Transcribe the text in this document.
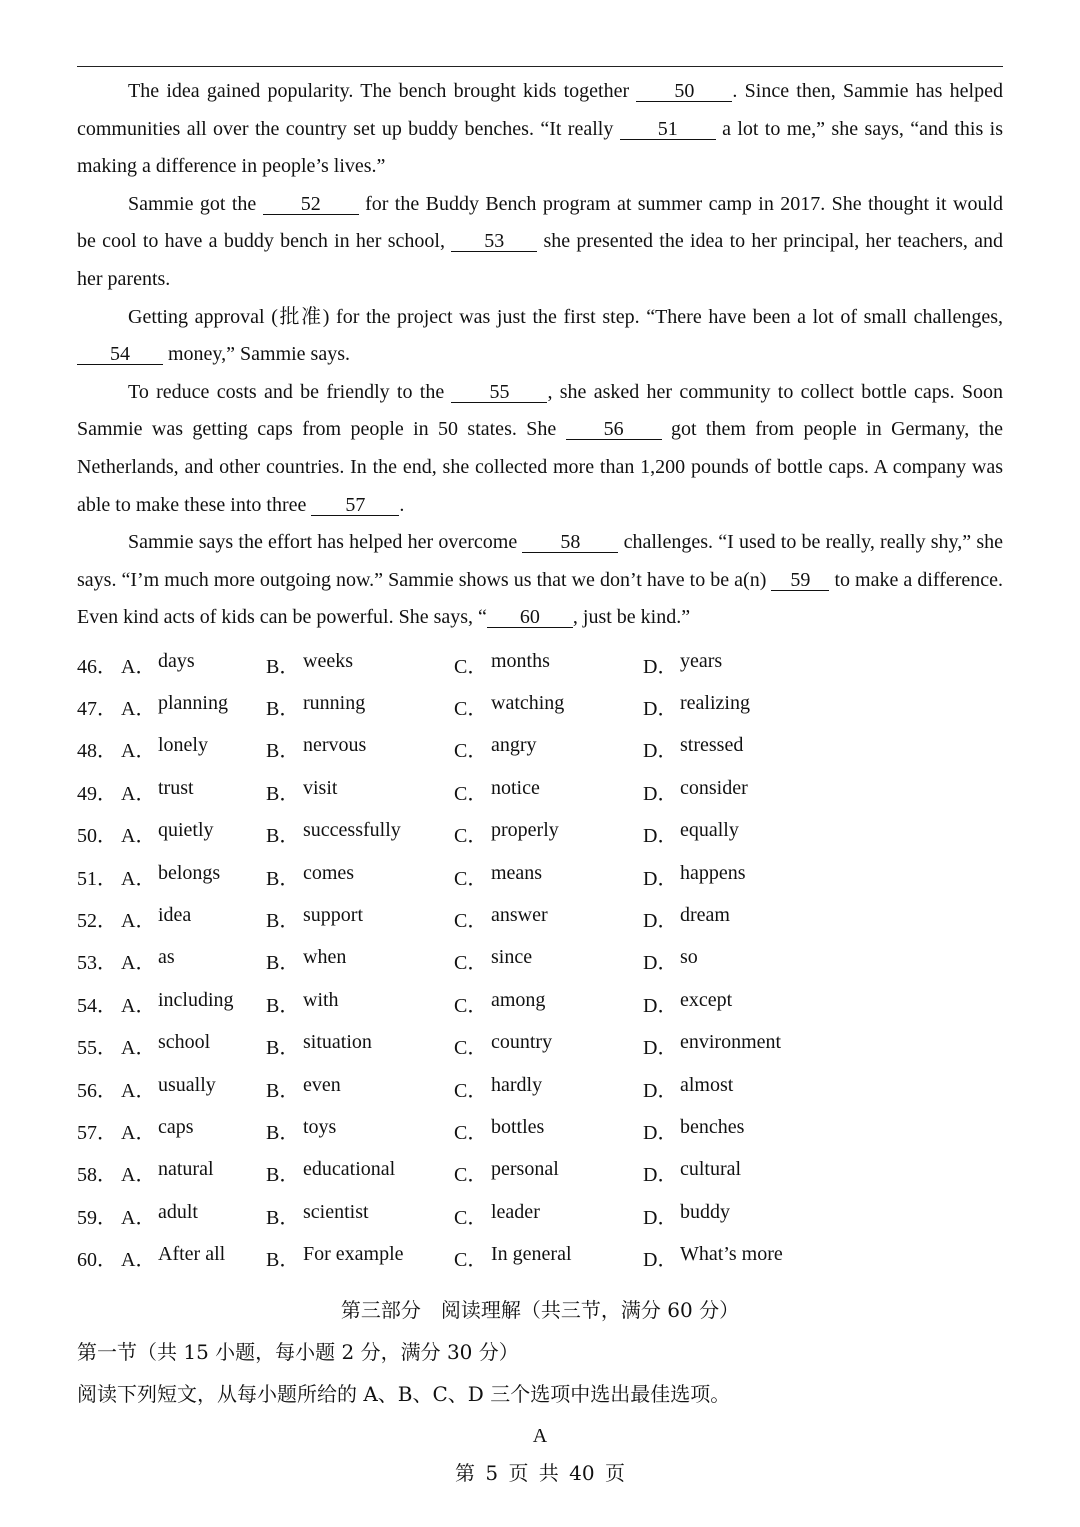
The idea gained popularity. The bench brought kids together 50 . Since then, Sammie has helped communities all over the country set up buddy benches. “It really 51 a lot to me,” she says, “and this is making a difference in people’s lives.”

Sammie got the 52 for the Buddy Bench program at summer camp in 2017. She thought it would be cool to have a buddy bench in her school, 53 she presented the idea to her principal, her teachers, and her parents.

Getting approval (批准) for the project was just the first step. “There have been a lot of small challenges, 54 money,” Sammie says.

To reduce costs and be friendly to the 55 , she asked her community to collect bottle caps. Soon Sammie was getting caps from people in 50 states. She 56 got them from people in Germany, the Netherlands, and other countries. In the end, she collected more than 1,200 pounds of bottle caps. A company was able to make these into three 57 .

Sammie says the effort has helped her overcome 58 challenges. “I used to be really, really shy,” she says. “I’m much more outgoing now.” Sammie shows us that we don’t have to be a(n) 59 to make a difference. Even kind acts of kids can be powerful. She says, “ 60 , just be kind.”

46． A． days	B． weeks	C． months	D． years
47． A． planning B． running	C． watching	D． realizing
48． A． lonely	B． nervous	C． angry	D． stressed
49． A． trust	B． visit	C． notice	D． consider
50． A． quietly	B． successfully	C． properly	D． equally
51． A． belongs B． comes	C． means	D． happens
52． A． idea	B． support	C． answer	D． dream
53． A． as	B． when	C． since	D． so
54． A． including B． with	C． among	D． except
55． A． school	B． situation	C． country	D． environment
56． A． usually	B． even	C． hardly	D． almost
57． A． caps	B． toys	C． bottles	D． benches
58． A． natural	B． educational	C． personal	D． cultural
59． A． adult	B． scientist	C． leader	D． buddy
60． A． After all B． For example	C． In general	D． What’s more
第三部分　阅读理解（共三节，满分 60 分）
第一节（共 15 小题，每小题 2 分，满分 30 分）
阅读下列短文，从每小题所给的 A、B、C、D 三个选项中选出最佳选项。
A
第 5 页 共 40 页
